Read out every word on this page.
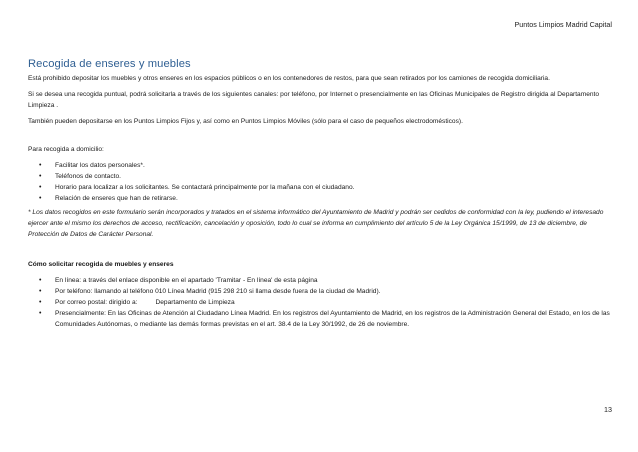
Puntos Limpios Madrid Capital
Recogida de enseres y muebles

Está prohibido depositar los muebles y otros enseres en los espacios públicos o en los contenedores de restos, para que sean retirados por los camiones de recogida domiciliaria.

Si se desea una recogida puntual, podrá solicitarla a través de los siguientes canales: por teléfono, por Internet o presencialmente en las Oficinas Municipales de Registro dirigida al Departamento Limpieza .

También pueden depositarse en los Puntos Limpios Fijos y, así como en Puntos Limpios Móviles (sólo para el caso de pequeños electrodomésticos).

Para recogida a domicilio:

• Facilitar los datos personales*.
• Teléfonos de contacto.
• Horario para localizar a los solicitantes. Se contactará principalmente por la mañana con el ciudadano.
• Relación de enseres que han de retirarse.

* Los datos recogidos en este formulario serán incorporados y tratados en el sistema informático del Ayuntamiento de Madrid y podrán ser cedidos de conformidad con la ley, pudiendo el interesado ejercer ante el mismo los derechos de acceso, rectificación, cancelación y oposición, todo lo cual se informa en cumplimiento del artículo 5 de la Ley Orgánica 15/1999, de 13 de diciembre, de Protección de Datos de Carácter Personal.

Cómo solicitar recogida de muebles y enseres

• En línea: a través del enlace disponible en el apartado 'Tramitar - En línea' de esta página
• Por teléfono: llamando al teléfono 010 Línea Madrid (915 298 210 si llama desde fuera de la ciudad de Madrid).
• Por correo postal: dirigido a:	Departamento de Limpieza
• Presencialmente: En las Oficinas de Atención al Ciudadano Línea Madrid. En los registros del Ayuntamiento de Madrid, en los registros de la Administración General del Estado, en los de las Comunidades Autónomas, o mediante las demás formas previstas en el art. 38.4 de la Ley 30/1992, de 26 de noviembre.
13
